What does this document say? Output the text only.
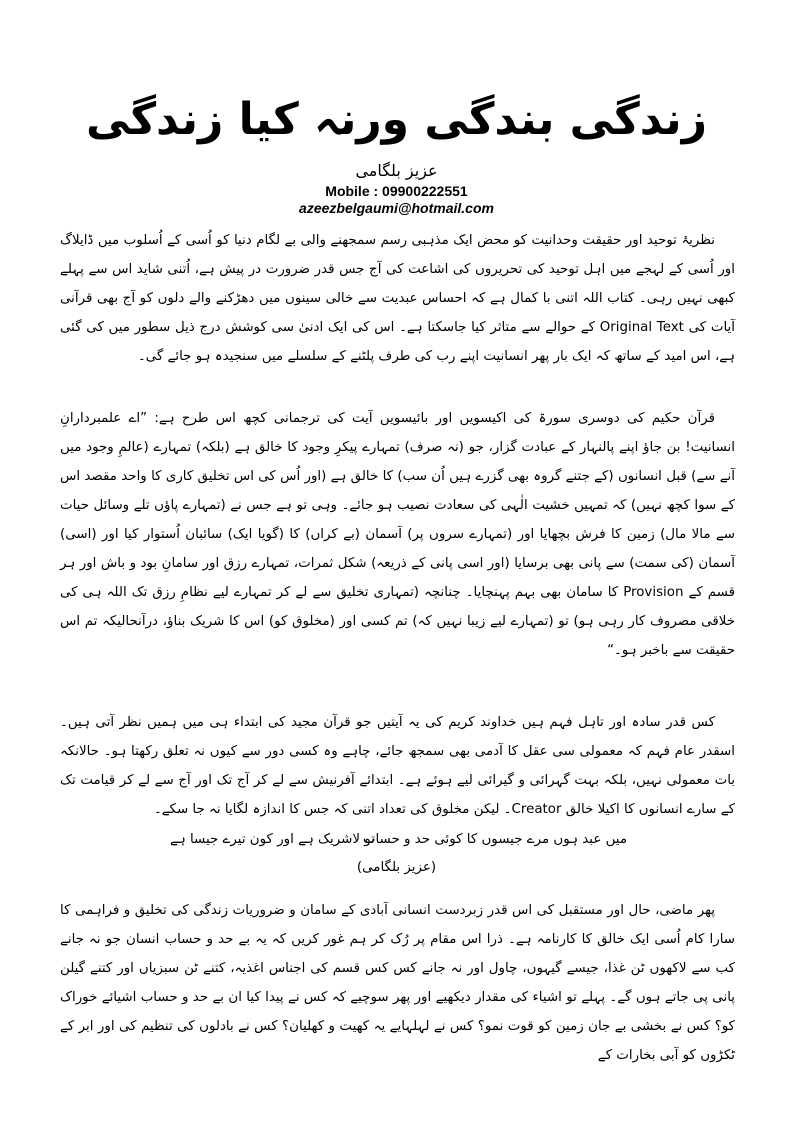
زندگی بندگی ورنہ کیا زندگی
عزیز بلگامی
Mobile : 09900222551
azeezbelgaumi@hotmail.com

نظریۂ توحید اور حقیقت وحدانیت کو محض ایک مذہبی رسم سمجھنے والی بے لگام دنیا کو اُسی کے اُسلوب میں ڈایلاگ اور اُسی کے لہجے میں اہل توحید کی تحریروں کی اشاعت کی آج جس قدر ضرورت در پیش ہے، اُتنی شاید اس سے پہلے کبھی نہیں رہی۔ کتاب اللہ اتنی با کمال ہے کہ احساس عبدیت سے خالی سینوں میں دھڑکنے والے دلوں کو آج بھی قرآنی آیات کی Original Text کے حوالے سے متاثر کیا جاسکتا ہے۔ اس کی ایک ادنیٰ سی کوشش درج ذیل سطور میں کی گئی ہے، اس امید کے ساتھ کہ ایک بار پھر انسانیت اپنے رب کی طرف پلٹنے کے سلسلے میں سنجیدہ ہو جائے گی۔

قرآن حکیم کی دوسری سورۃ کی اکیسویں اور بائیسویں آیت کی ترجمانی کچھ اس طرح ہے: ”اے علمبردارانِ انسانیت! بن جاؤ اپنے پالنہار کے عبادت گزار، جو (نہ صرف) تمہارے پیکرِ وجود کا خالق ہے (بلکہ) تمہارے (عالمِ وجود میں آنے سے) قبل انسانوں (کے جتنے گروہ بھی گزرے ہیں اُن سب) کا خالق ہے (اور اُس کی اس تخلیق کاری کا واحد مقصد اس کے سوا کچھ نہیں) کہ تمہیں خشیت الٰہی کی سعادت نصیب ہو جائے۔ وہی تو ہے جس نے (تمہارے پاؤں تلے وسائل حیات سے مالا مال) زمین کا فرش بچھایا اور (تمہارے سروں پر) آسمان (بے کراں) کا (گویا ایک) سائبان اُستوار کیا اور (اسی) آسمان (کی سمت) سے پانی بھی برسایا (اور اسی پانی کے ذریعہ) شکل ثمرات، تمہارے رزق اور سامانِ بود و باش اور ہر قسم کے Provision کا سامان بھی بہم پہنچایا۔ چنانچہ (تمہاری تخلیق سے لے کر تمہارے لیے نظامِ رزق تک اللہ ہی کی خلاقی مصروف کار رہی ہو) تو (تمہارے لیے زیبا نہیں کہ) تم کسی اور (مخلوق کو) اس کا شریک بناؤ، درآنحالیکہ تم اس حقیقت سے باخبر ہو۔“

کس قدر سادہ اور تاہل فہم ہیں خداوند کریم کی یہ آیتیں جو قرآن مجید کی ابتداء ہی میں ہمیں نظر آتی ہیں۔ اسقدر عام فہم کہ معمولی سی عقل کا آدمی بھی سمجھ جائے، چاہے وہ کسی دور سے کیوں نہ تعلق رکھتا ہو۔ حالانکہ بات معمولی نہیں، بلکہ بہت گہرائی و گیرائی لیے ہوئے ہے۔ ابتدائے آفرنیش سے لے کر آج تک اور آج سے لے کر قیامت تک کے سارے انسانوں کا اکیلا خالق Creator۔ لیکن مخلوق کی تعداد اتنی کہ جس کا اندازہ لگایا نہ جا سکے۔

میں عبد ہوں مرے جیسوں کا کوئی حد و حساب
تو لاشریک ہے اور کون تیرے جیسا ہے
(عزیز بلگامی)

پھر ماضی، حال اور مستقبل کی اس قدر زبردست انسانی آبادی کے سامان و ضروریات زندگی کی تخلیق و فراہمی کا سارا کام اُسی ایک خالق کا کارنامہ ہے۔ ذرا اس مقام پر رُک کر ہم غور کریں کہ یہ بے حد و حساب انسان جو نہ جانے کب سے لاکھوں ٹن غذا، جیسے گیہوں، چاول اور نہ جانے کس کس قسم کی اجناس اغذیہ، کتنے ٹن سبزیاں اور کتنے گیلن پانی پی جاتے ہوں گے۔ پہلے تو اشیاء کی مقدار دیکھیے اور پھر سوچیے کہ کس نے پیدا کیا ان بے حد و حساب اشیائے خوراک کو؟ کس نے بخشی بے جان زمین کو قوت نمو؟ کس نے لہلہایے یہ کھیت و کھلیان؟ کس نے بادلوں کی تنظیم کی اور ابر کے ٹکڑوں کو آبی بخارات کے
